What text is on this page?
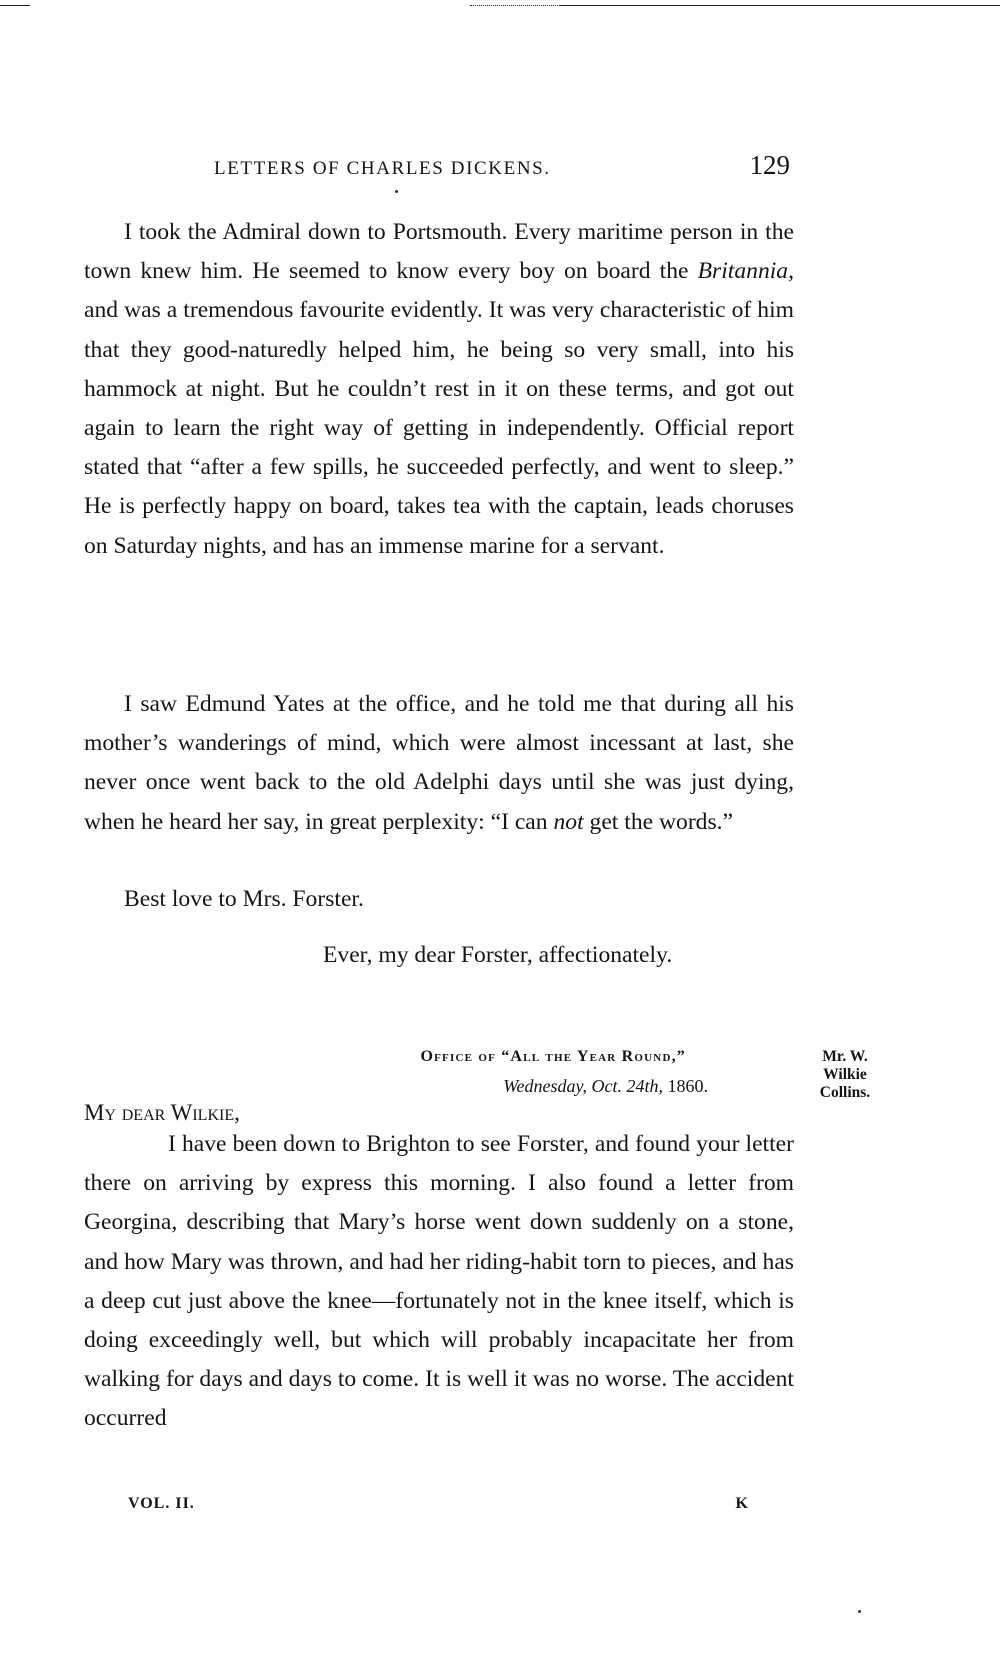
LETTERS OF CHARLES DICKENS.	129

I took the Admiral down to Portsmouth. Every maritime person in the town knew him. He seemed to know every boy on board the Britannia, and was a tremendous favourite evidently. It was very characteristic of him that they good-naturedly helped him, he being so very small, into his hammock at night. But he couldn’t rest in it on these terms, and got out again to learn the right way of getting in independently. Official report stated that “after a few spills, he succeeded perfectly, and went to sleep.” He is perfectly happy on board, takes tea with the captain, leads choruses on Saturday nights, and has an immense marine for a servant.

I saw Edmund Yates at the office, and he told me that during all his mother’s wanderings of mind, which were almost incessant at last, she never once went back to the old Adelphi days until she was just dying, when he heard her say, in great perplexity: “I can not get the words.”

Best love to Mrs. Forster.

Ever, my dear Forster, affectionately.
Office of “All the Year Round,”
Wednesday, Oct. 24th, 1860.
My dear Wilkie,
Mr. W.
Wilkie
Collins.

I have been down to Brighton to see Forster, and found your letter there on arriving by express this morning. I also found a letter from Georgina, describing that Mary’s horse went down suddenly on a stone, and how Mary was thrown, and had her riding-habit torn to pieces, and has a deep cut just above the knee—fortunately not in the knee itself, which is doing exceedingly well, but which will probably incapacitate her from walking for days and days to come. It is well it was no worse. The accident occurred

VOL. II.	K
